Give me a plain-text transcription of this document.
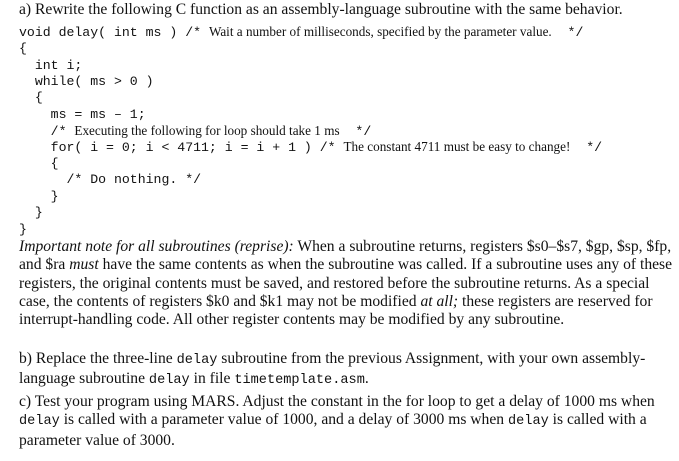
a) Rewrite the following C function as an assembly-language subroutine with the same behavior.
void delay( int ms ) /* Wait a number of milliseconds, specified by the parameter value.  */
{
int i;
while( ms > 0 )
{
ms = ms – 1;
/* Executing the following for loop should take 1 ms  */
for( i = 0; i < 4711; i = i + 1 ) /* The constant 4711 must be easy to change!  */
{
/* Do nothing. */
}
}
}

Important note for all subroutines (reprise): When a subroutine returns, registers $s0–$s7, $gp, $sp, $fp, and $ra must have the same contents as when the subroutine was called. If a subroutine uses any of these registers, the original contents must be saved, and restored before the subroutine returns. As a special case, the contents of registers $k0 and $k1 may not be modified at all; these registers are reserved for interrupt-handling code. All other register contents may be modified by any subroutine.

b) Replace the three-line delay subroutine from the previous Assignment, with your own assembly-language subroutine delay in file timetemplate.asm.

c) Test your program using MARS. Adjust the constant in the for loop to get a delay of 1000 ms when delay is called with a parameter value of 1000, and a delay of 3000 ms when delay is called with a parameter value of 3000.
